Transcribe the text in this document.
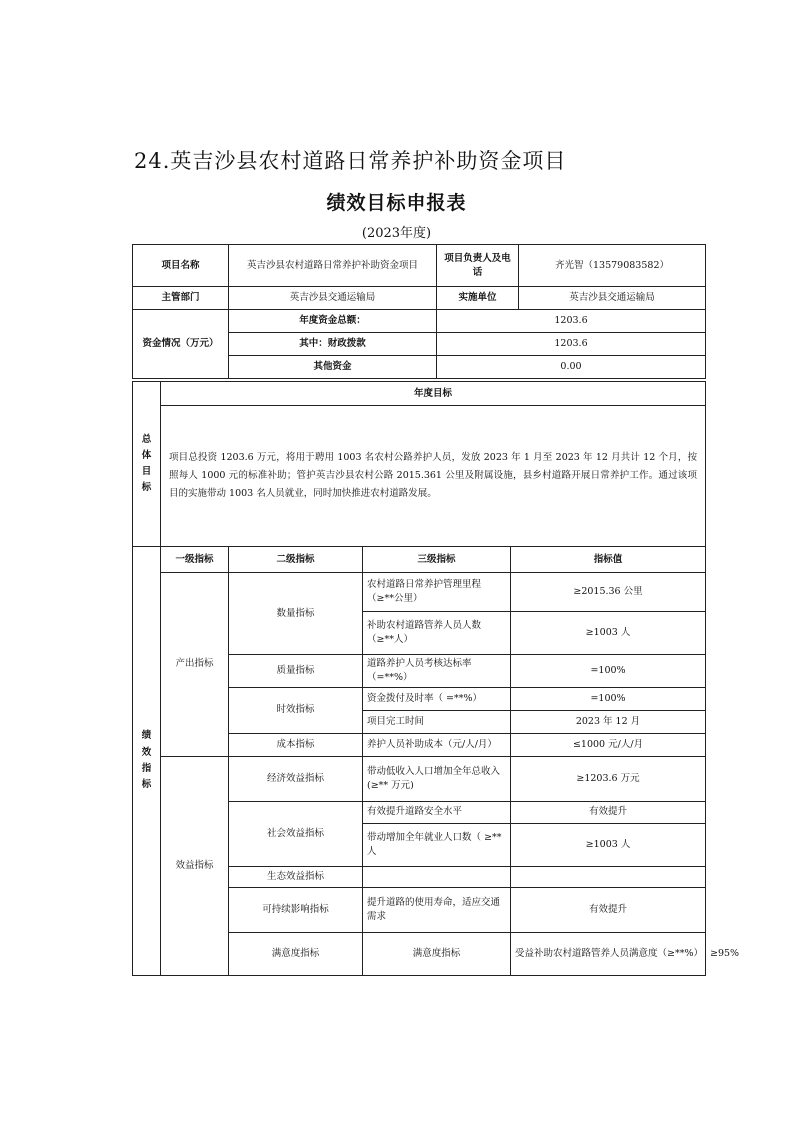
24.英吉沙县农村道路日常养护补助资金项目
绩效目标申报表
(2023年度)
项目名称	英吉沙县农村道路日常养护补助资金项目	项目负责人及电话	齐光智（13579083582）
主管部门	英吉沙县交通运输局	实施单位	英吉沙县交通运输局
资金情况（万元）	年度资金总额：	1203.6	
	其中：财政拨款	1203.6	
	其他资金	0.00	
总体目标
	年度目标
项目总投资 1203.6 万元，将用于聘用 1003 名农村公路养护人员，发放 2023 年 1 月至 2023 年 12 月共计 12 个月，按照每人 1000 元的标准补助；管护英吉沙县农村公路 2015.361 公里及附属设施，县乡村道路开展日常养护工作。通过该项目的实施带动 1003 名人员就业，同时加快推进农村道路发展。
绩效指标	一级指标	二级指标	三级指标	指标值	
	产出指标	数量指标	农村道路日常养护管理里程（≥**公里）	≥2015.36 公里	
			补助农村道路管养人员人数（≥**人）	≥1003 人	
		质量指标	道路养护人员考核达标率（=**%）	=100%	
		时效指标	资金拨付及时率（ =**%）	=100%	
			项目完工时间	2023 年 12 月	
		成本指标	养护人员补助成本（元/人/月）	≤1000 元/人/月	
	效益指标	经济效益指标	带动低收入人口增加全年总收入(≥** 万元)	≥1203.6 万元	
		社会效益指标	有效提升道路安全水平	有效提升	
			带动增加全年就业人口数（ ≥** 人	≥1003 人	
		生态效益指标			
		可持续影响指标	提升道路的使用寿命，适应交通需求	有效提升	
		满意度指标	满意度指标	受益补助农村道路管养人员满意度（≥**%）	≥95%
